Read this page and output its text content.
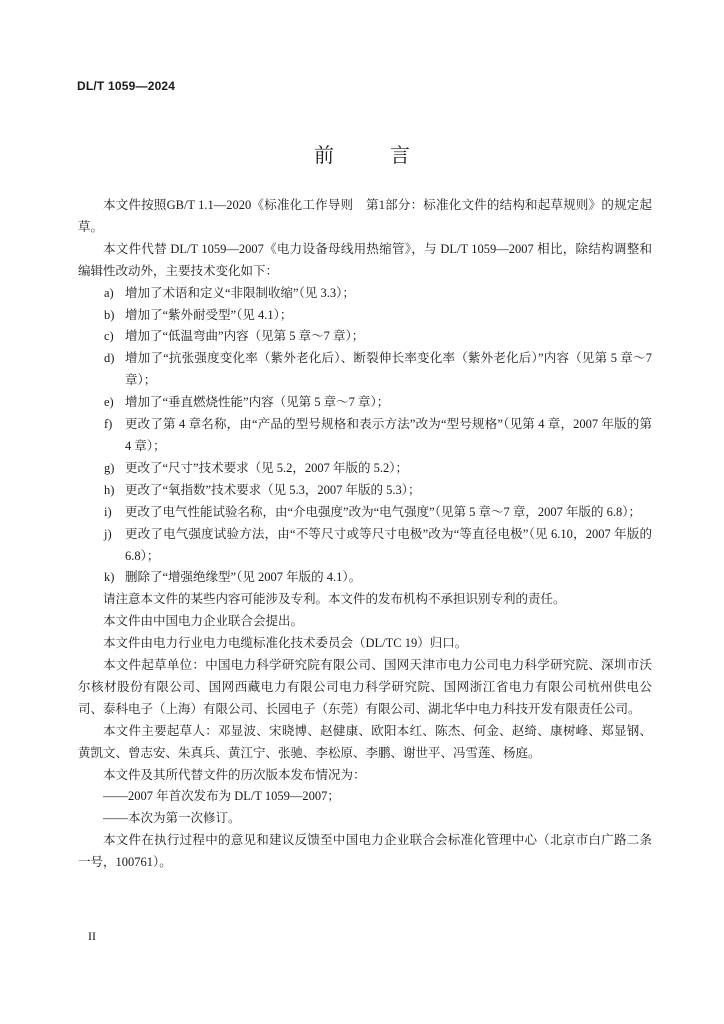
DL/T 1059—2024
前　言

本文件按照GB/T 1.1—2020《标准化工作导则　第1部分：标准化文件的结构和起草规则》的规定起草。

本文件代替 DL/T 1059—2007《电力设备母线用热缩管》，与 DL/T 1059—2007 相比，除结构调整和编辑性改动外，主要技术变化如下：

a) 增加了术语和定义“非限制收缩”（见 3.3）；
b) 增加了“紫外耐受型”（见 4.1）；
c) 增加了“低温弯曲”内容（见第 5 章～7 章）；
d) 增加了“抗张强度变化率（紫外老化后）、断裂伸长率变化率（紫外老化后）”内容（见第 5 章～7 章）；
e) 增加了“垂直燃烧性能”内容（见第 5 章～7 章）；
f)	更改了第 4 章名称，由“产品的型号规格和表示方法”改为“型号规格”（见第 4 章，2007 年版的第 4 章）；
g) 更改了“尺寸”技术要求（见 5.2，2007 年版的 5.2）；
h) 更改了“氧指数”技术要求（见 5.3，2007 年版的 5.3）；
i)	更改了电气性能试验名称，由“介电强度”改为“电气强度”（见第 5 章～7 章，2007 年版的 6.8）；
j)	更改了电气强度试验方法，由“不等尺寸或等尺寸电极”改为“等直径电极”（见 6.10，2007 年版的 6.8）；
k) 删除了“增强绝缘型”（见 2007 年版的 4.1）。

请注意本文件的某些内容可能涉及专利。本文件的发布机构不承担识别专利的责任。

本文件由中国电力企业联合会提出。

本文件由电力行业电力电缆标准化技术委员会（DL/TC 19）归口。

本文件起草单位：中国电力科学研究院有限公司、国网天津市电力公司电力科学研究院、深圳市沃尔核材股份有限公司、国网西藏电力有限公司电力科学研究院、国网浙江省电力有限公司杭州供电公司、泰科电子（上海）有限公司、长园电子（东莞）有限公司、湖北华中电力科技开发有限责任公司。

本文件主要起草人：邓显波、宋晓博、赵健康、欧阳本红、陈杰、何金、赵绮、康树峰、郑显钢、黄凯文、曾志安、朱真兵、黄江宁、张驰、李松原、李鹏、谢世平、冯雪莲、杨庭。

本文件及其所代替文件的历次版本发布情况为：

——2007 年首次发布为 DL/T 1059—2007；

——本次为第一次修订。

本文件在执行过程中的意见和建议反馈至中国电力企业联合会标准化管理中心（北京市白广路二条一号，100761）。

II
